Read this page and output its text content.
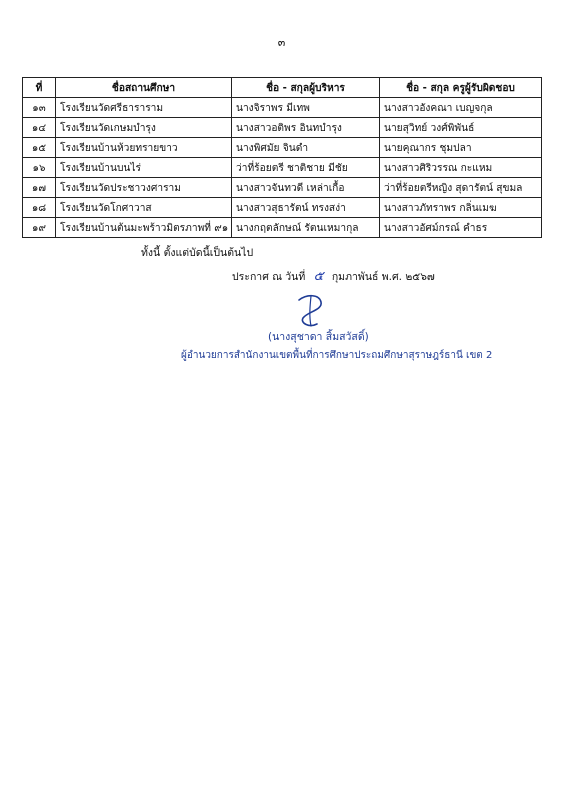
๓
ที่	ชื่อสถานศึกษา	ชื่อ - สกุลผู้บริหาร	ชื่อ - สกุล ครูผู้รับผิดชอบ
๑๓	โรงเรียนวัดศรีธาราราม	นางจิราพร มีเทพ	นางสาวอังคณา เบญจกุล
๑๔	โรงเรียนวัดเกษมบำรุง	นางสาวอติพร อินทบำรุง	นายสุวิทย์ วงศ์พิพันธ์
๑๕	โรงเรียนบ้านห้วยทรายขาว	นางพิศมัย จินดำ	นายคุณากร ชุมปลา
๑๖	โรงเรียนบ้านบนไร่	ว่าที่ร้อยตรี ชาติชาย มีชัย	นางสาวศิริวรรณ กะแหม
๑๗	โรงเรียนวัดประชาวงศาราม	นางสาวจันทวดี เหล่าเกื้อ	ว่าที่ร้อยตรีหญิง สุดารัตน์ สุขมล
๑๘	โรงเรียนวัดโกศาวาส	นางสาวสุธารัตน์ ทรงสง่า	นางสาวภัทราพร กลิ่นเมฆ
๑๙	โรงเรียนบ้านต้นมะพร้าวมิตรภาพที่ ๙๑	นางกฤตลักษณ์ รัตนเหมากุล	นางสาวอัศม์กรณ์ คำธร
ทั้งนี้ ตั้งแต่บัดนี้เป็นต้นไป
ประกาศ ณ วันที่ ๕ กุมภาพันธ์ พ.ศ. ๒๕๖๗
(นางสุชาดา สิ้มสวัสดิ์)
ผู้อำนวยการสำนักงานเขตพื้นที่การศึกษาประถมศึกษาสุราษฎร์ธานี เขต 2
